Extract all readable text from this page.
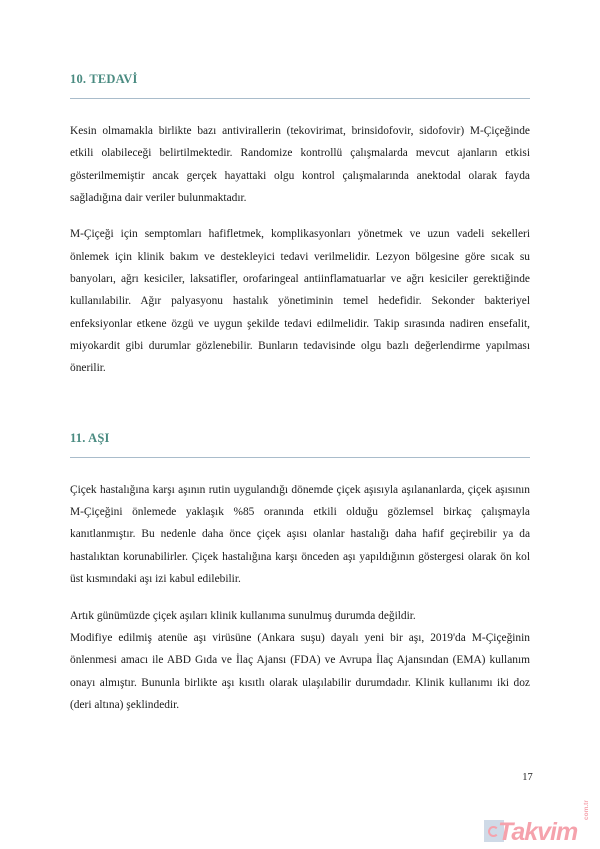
10. TEDAVİ

Kesin olmamakla birlikte bazı antivirallerin (tekovirimat, brinsidofovir, sidofovir) M-Çiçeğinde etkili olabileceği belirtilmektedir. Randomize kontrollü çalışmalarda mevcut ajanların etkisi gösterilmemiştir ancak gerçek hayattaki olgu kontrol çalışmalarında anektodal olarak fayda sağladığına dair veriler bulunmaktadır.

M-Çiçeği için semptomları hafifletmek, komplikasyonları yönetmek ve uzun vadeli sekelleri önlemek için klinik bakım ve destekleyici tedavi verilmelidir. Lezyon bölgesine göre sıcak su banyoları, ağrı kesiciler, laksatifler, orofaringeal antiinflamatuarlar ve ağrı kesiciler gerektiğinde kullanılabilir. Ağır palyasyonu hastalık yönetiminin temel hedefidir. Sekonder bakteriyel enfeksiyonlar etkene özgü ve uygun şekilde tedavi edilmelidir. Takip sırasında nadiren ensefalit, miyokardit gibi durumlar gözlenebilir. Bunların tedavisinde olgu bazlı değerlendirme yapılması önerilir.

11. AŞI

Çiçek hastalığına karşı aşının rutin uygulandığı dönemde çiçek aşısıyla aşılananlarda, çiçek aşısının M-Çiçeğini önlemede yaklaşık %85 oranında etkili olduğu gözlemsel birkaç çalışmayla kanıtlanmıştır. Bu nedenle daha önce çiçek aşısı olanlar hastalığı daha hafif geçirebilir ya da hastalıktan korunabilirler. Çiçek hastalığına karşı önceden aşı yapıldığının göstergesi olarak ön kol üst kısmındaki aşı izi kabul edilebilir.

Artık günümüzde çiçek aşıları klinik kullanıma sunulmuş durumda değildir.

Modifiye edilmiş atenüe aşı virüsüne (Ankara suşu) dayalı yeni bir aşı, 2019'da M-Çiçeğinin önlenmesi amacı ile ABD Gıda ve İlaç Ajansı (FDA) ve Avrupa İlaç Ajansından (EMA) kullanım onayı almıştır. Bununla birlikte aşı kısıtlı olarak ulaşılabilir durumdadır. Klinik kullanımı iki doz (deri altına) şeklindedir.

17
Takvim
com.tr
